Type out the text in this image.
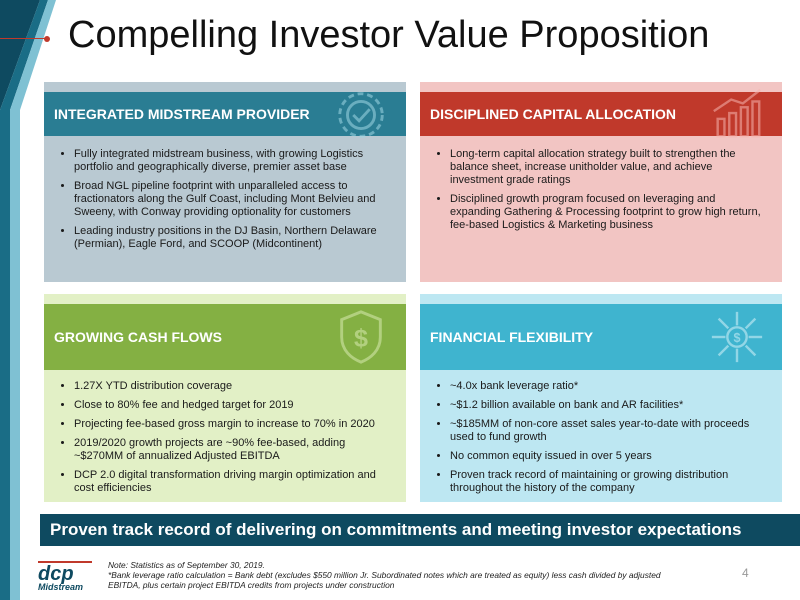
Compelling Investor Value Proposition
INTEGRATED MIDSTREAM PROVIDER
• Fully integrated midstream business, with growing Logistics portfolio and geographically diverse, premier asset base
• Broad NGL pipeline footprint with unparalleled access to fractionators along the Gulf Coast, including Mont Belvieu and Sweeny, with Conway providing optionality for customers
• Leading industry positions in the DJ Basin, Northern Delaware (Permian), Eagle Ford, and SCOOP (Midcontinent)
DISCIPLINED CAPITAL ALLOCATION
• Long-term capital allocation strategy built to strengthen the balance sheet, increase unitholder value, and achieve investment grade ratings
• Disciplined growth program focused on leveraging and expanding Gathering & Processing footprint to grow high return, fee-based Logistics & Marketing business
GROWING CASH FLOWS	$
• 1.27X YTD distribution coverage
• Close to 80% fee and hedged target for 2019
• Projecting fee-based gross margin to increase to 70% in 2020
• 2019/2020 growth projects are ~90% fee-based, adding ~$270MM of annualized Adjusted EBITDA
• DCP 2.0 digital transformation driving margin optimization and cost efficiencies
FINANCIAL FLEXIBILITY	$
• ~4.0x bank leverage ratio*
• ~$1.2 billion available on bank and AR facilities*
• ~$185MM of non-core asset sales year-to-date with proceeds used to fund growth
• No common equity issued in over 5 years
• Proven track record of maintaining or growing distribution throughout the history of the company
Proven track record of delivering on commitments and meeting investor expectations
dcp
Midstream
Note: Statistics as of September 30, 2019.
*Bank leverage ratio calculation = Bank debt (excludes $550 million Jr. Subordinated notes which are treated as equity) less cash divided by adjusted EBITDA, plus certain project EBITDA credits from projects under construction
4
